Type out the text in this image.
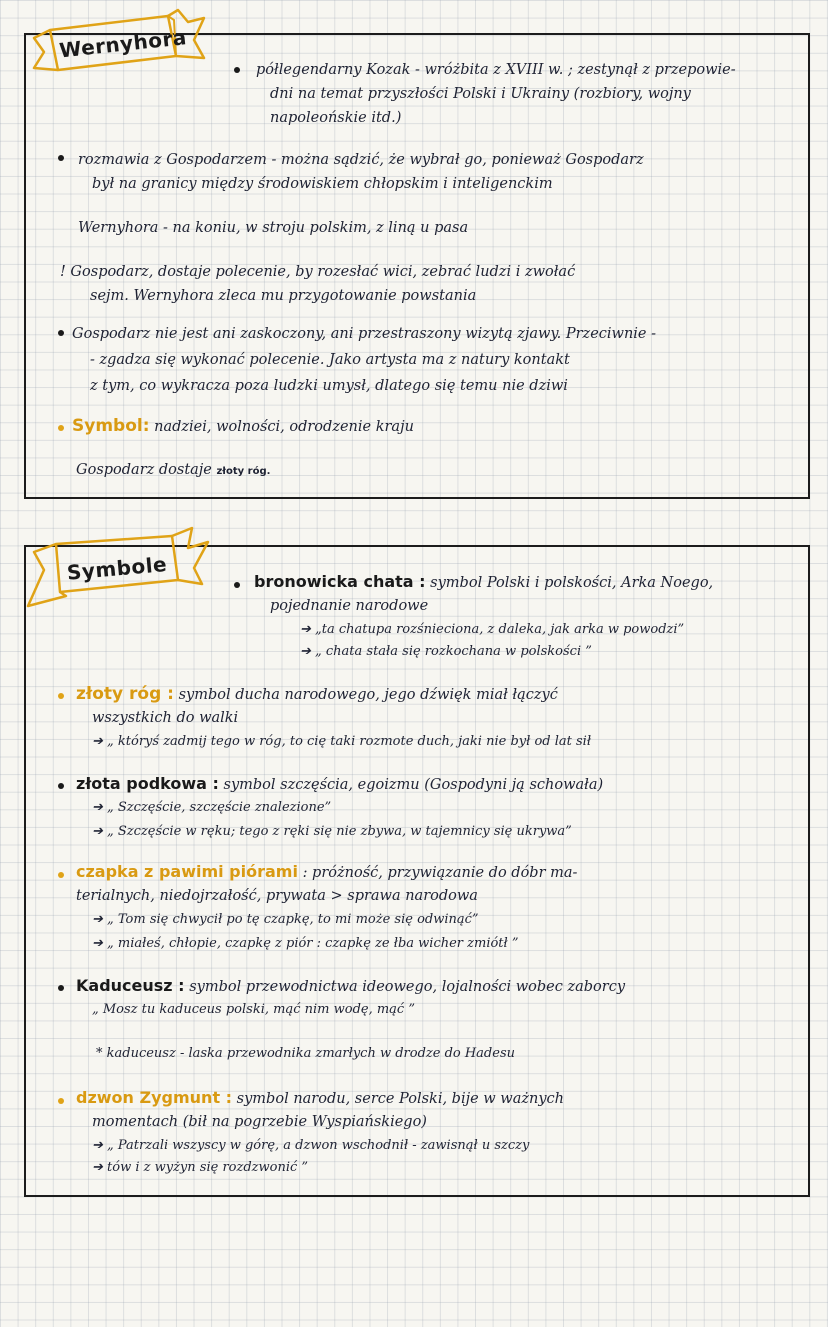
Wernyhora
półlegendarny Kozak - wróżbita z XVIII w. ; zestynął z przepowie-
dni na temat przyszłości Polski i Ukrainy (rozbiory, wojny
napoleońskie itd.)
rozmawia z Gospodarzem - można sądzić, że wybrał go, ponieważ Gospodarz
był na granicy między środowiskiem chłopskim i inteligenckim
Wernyhora - na koniu, w stroju polskim, z liną u pasa
! Gospodarz, dostaje polecenie, by rozesłać wici, zebrać ludzi i zwołać
sejm. Wernyhora zleca mu przygotowanie powstania
Gospodarz nie jest ani zaskoczony, ani przestraszony wizytą zjawy. Przeciwnie -
- zgadza się wykonać polecenie. Jako artysta ma z natury kontakt
z tym, co wykracza poza ludzki umysł, dlatego się temu nie dziwi
Symbol: nadziei, wolności, odrodzenie kraju
Gospodarz dostaje złoty róg.
Symbole	bronowicka chata : symbol Polski i polskości, Arka Noego,
pojednanie narodowe
➔ „ta chatupa rozśnieciona, z daleka, jak arka w powodzi”
➔ „ chata stała się rozkochana w polskości ”
złoty róg : symbol ducha narodowego, jego dźwięk miał łączyć
wszystkich do walki
➔ „ któryś zadmij tego w róg, to cię taki rozmote duch, jaki nie był od lat sił
złota podkowa : symbol szczęścia, egoizmu (Gospodyni ją schowała)
➔ „ Szczęście, szczęście znalezione”
➔ „ Szczęście w ręku; tego z ręki się nie zbywa, w tajemnicy się ukrywa”
czapka z pawimi piórami : próżność, przywiązanie do dóbr ma-
terialnych, niedojrzałość, prywata > sprawa narodowa
➔ „ Tom się chwycił po tę czapkę, to mi może się odwinąć”
➔ „ miałeś, chłopie, czapkę z piór : czapkę ze łba wicher zmiótł ”
Kaduceusz : symbol przewodnictwa ideowego, lojalności wobec zaborcy
„ Mosz tu kaduceus polski, mąć nim wodę, mąć ”
* kaduceusz - laska przewodnika zmarłych w drodze do Hadesu
dzwon Zygmunt : symbol narodu, serce Polski, bije w ważnych
momentach (bił na pogrzebie Wyspiańskiego)
➔ „ Patrzali wszyscy w górę, a dzwon wschodnił - zawisnął u szczy
➔ tów i z wyżyn się rozdzwonić ”
